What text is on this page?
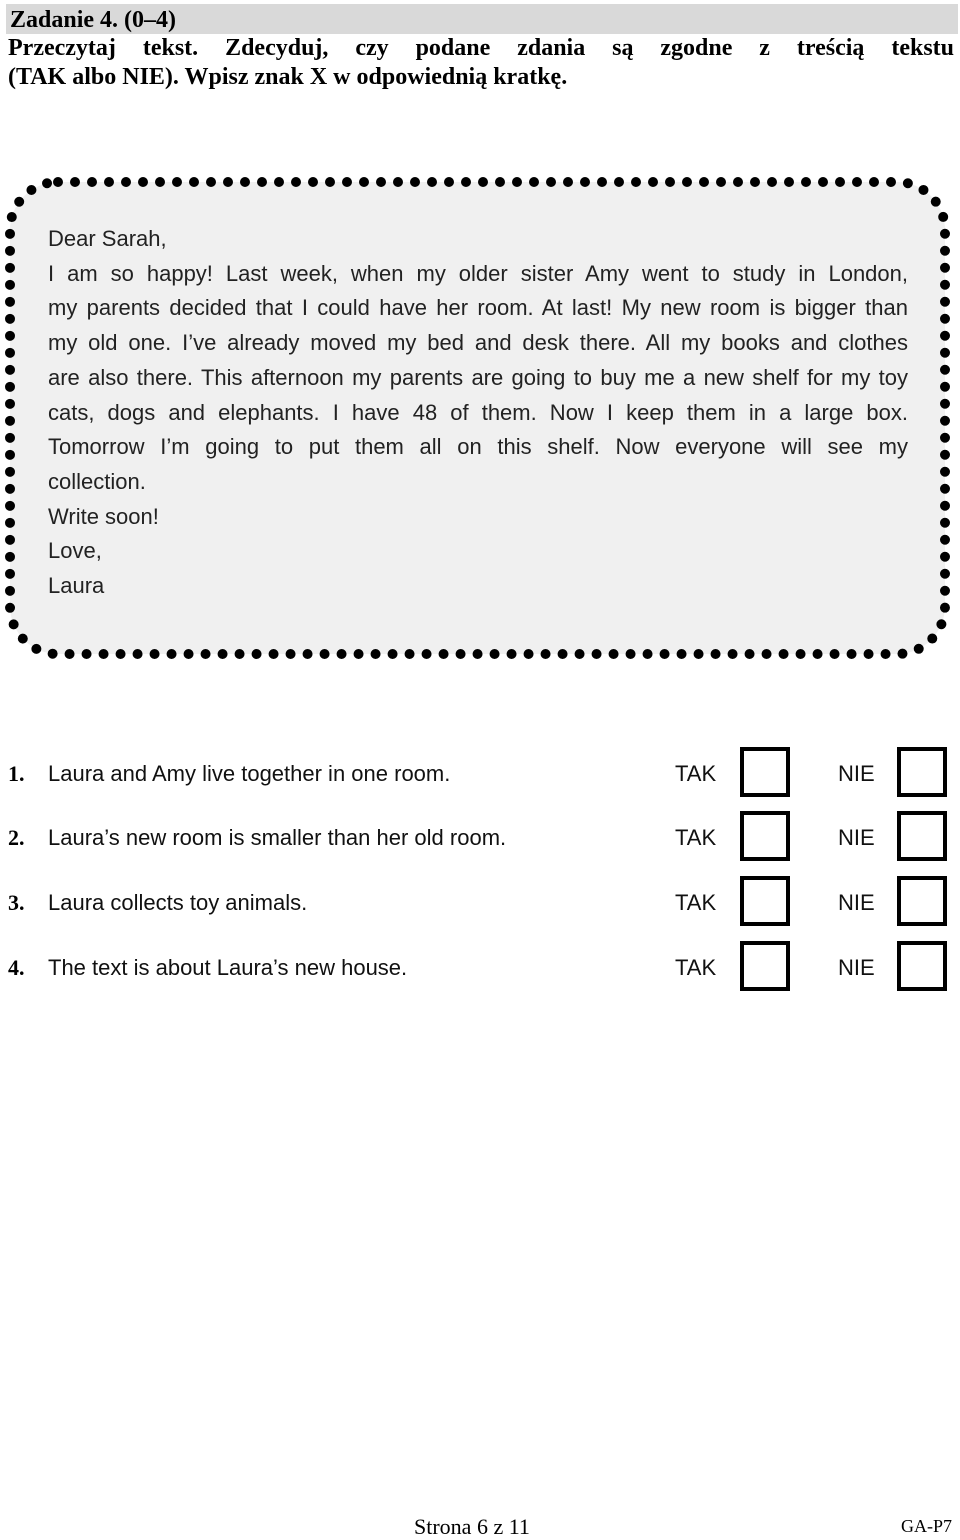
Zadanie 4. (0–4)
Przeczytaj tekst. Zdecyduj, czy podane zdania są zgodne z treścią tekstu
(TAK albo NIE). Wpisz znak X w odpowiednią kratkę.
Dear Sarah,
I am so happy! Last week, when my older sister Amy went to study in London,
my parents decided that I could have her room. At last! My new room is bigger than
my old one. I’ve already moved my bed and desk there. All my books and clothes
are also there. This afternoon my parents are going to buy me a new shelf for my toy
cats, dogs and elephants. I have 48 of them. Now I keep them in a large box.
Tomorrow I’m going to put them all on this shelf. Now everyone will see my
collection.
Write soon!
Love,
Laura
1. Laura and Amy live together in one room.	TAK	NIE
2. Laura’s new room is smaller than her old room.	TAK	NIE
3. Laura collects toy animals.	TAK	NIE
4. The text is about Laura’s new house.	TAK	NIE
Strona 6 z 11	GA-P7
